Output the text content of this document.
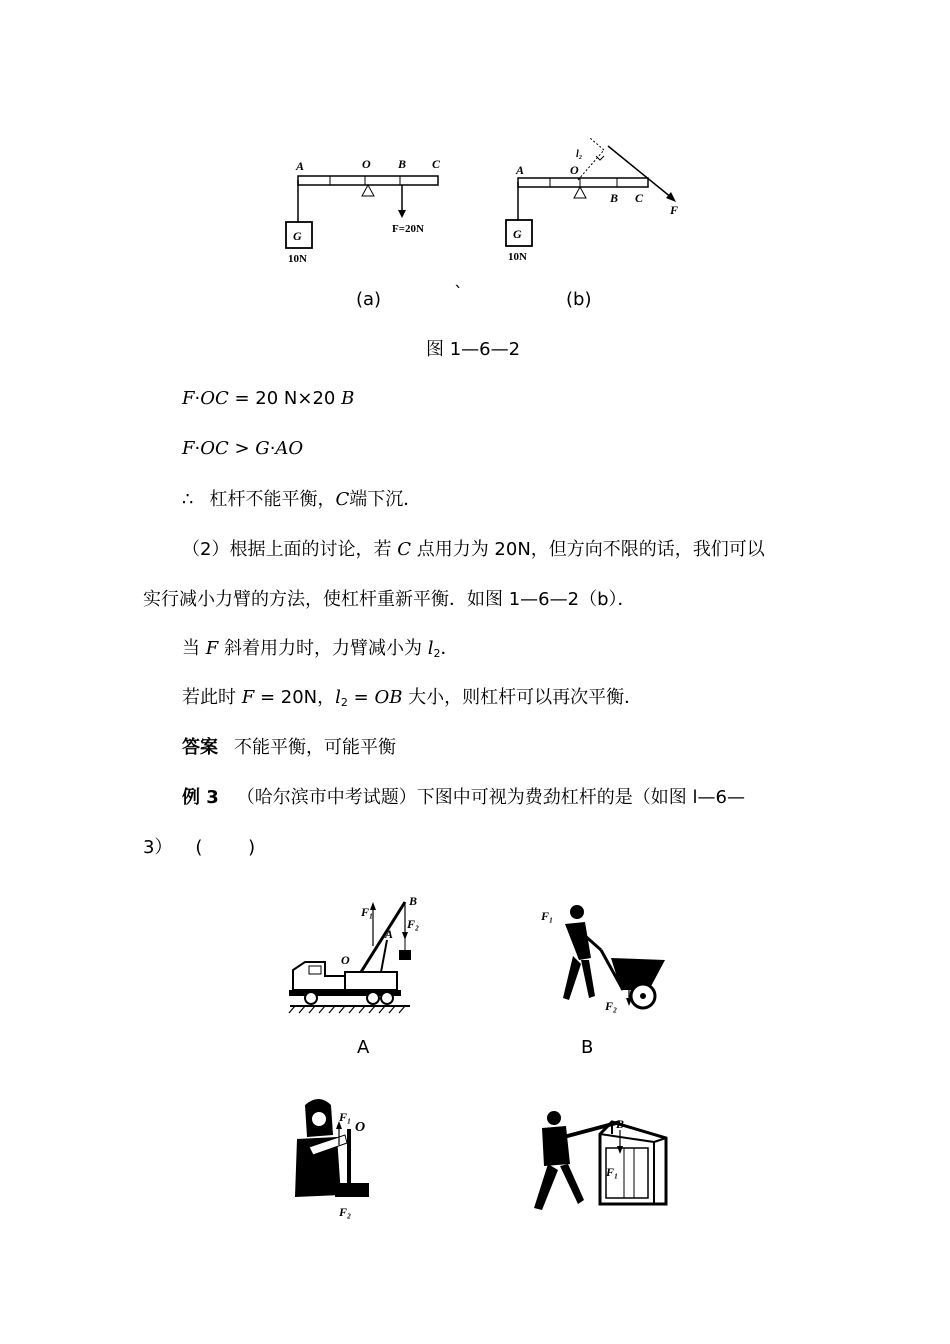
A	O B C
G
10N
F=20N
A	O
l₂
B C
F
G
10N
(a)	`	(b)
图 1—6—2
F·OC = 20 N×20 B
F·OC > G·AO
∴ 杠杆不能平衡，C端下沉．
（2）根据上面的讨论，若 C 点用力为 20N，但方向不限的话，我们可以
实行减小力臂的方法，使杠杆重新平衡．如图 1—6—2（b）．
当 F 斜着用力时，力臂减小为 $l_2$．
若此时 F = 20N，$l_2$ = OB 大小，则杠杆可以再次平衡．
答案 不能平衡，可能平衡
例 3 （哈尔滨市中考试题）下图中可视为费劲杠杆的是（如图 l—6—
3）    (        )
F₁
B
F₂
A
O
A
F₁
F₂
B
F₁
O
F₂
B
F₁
